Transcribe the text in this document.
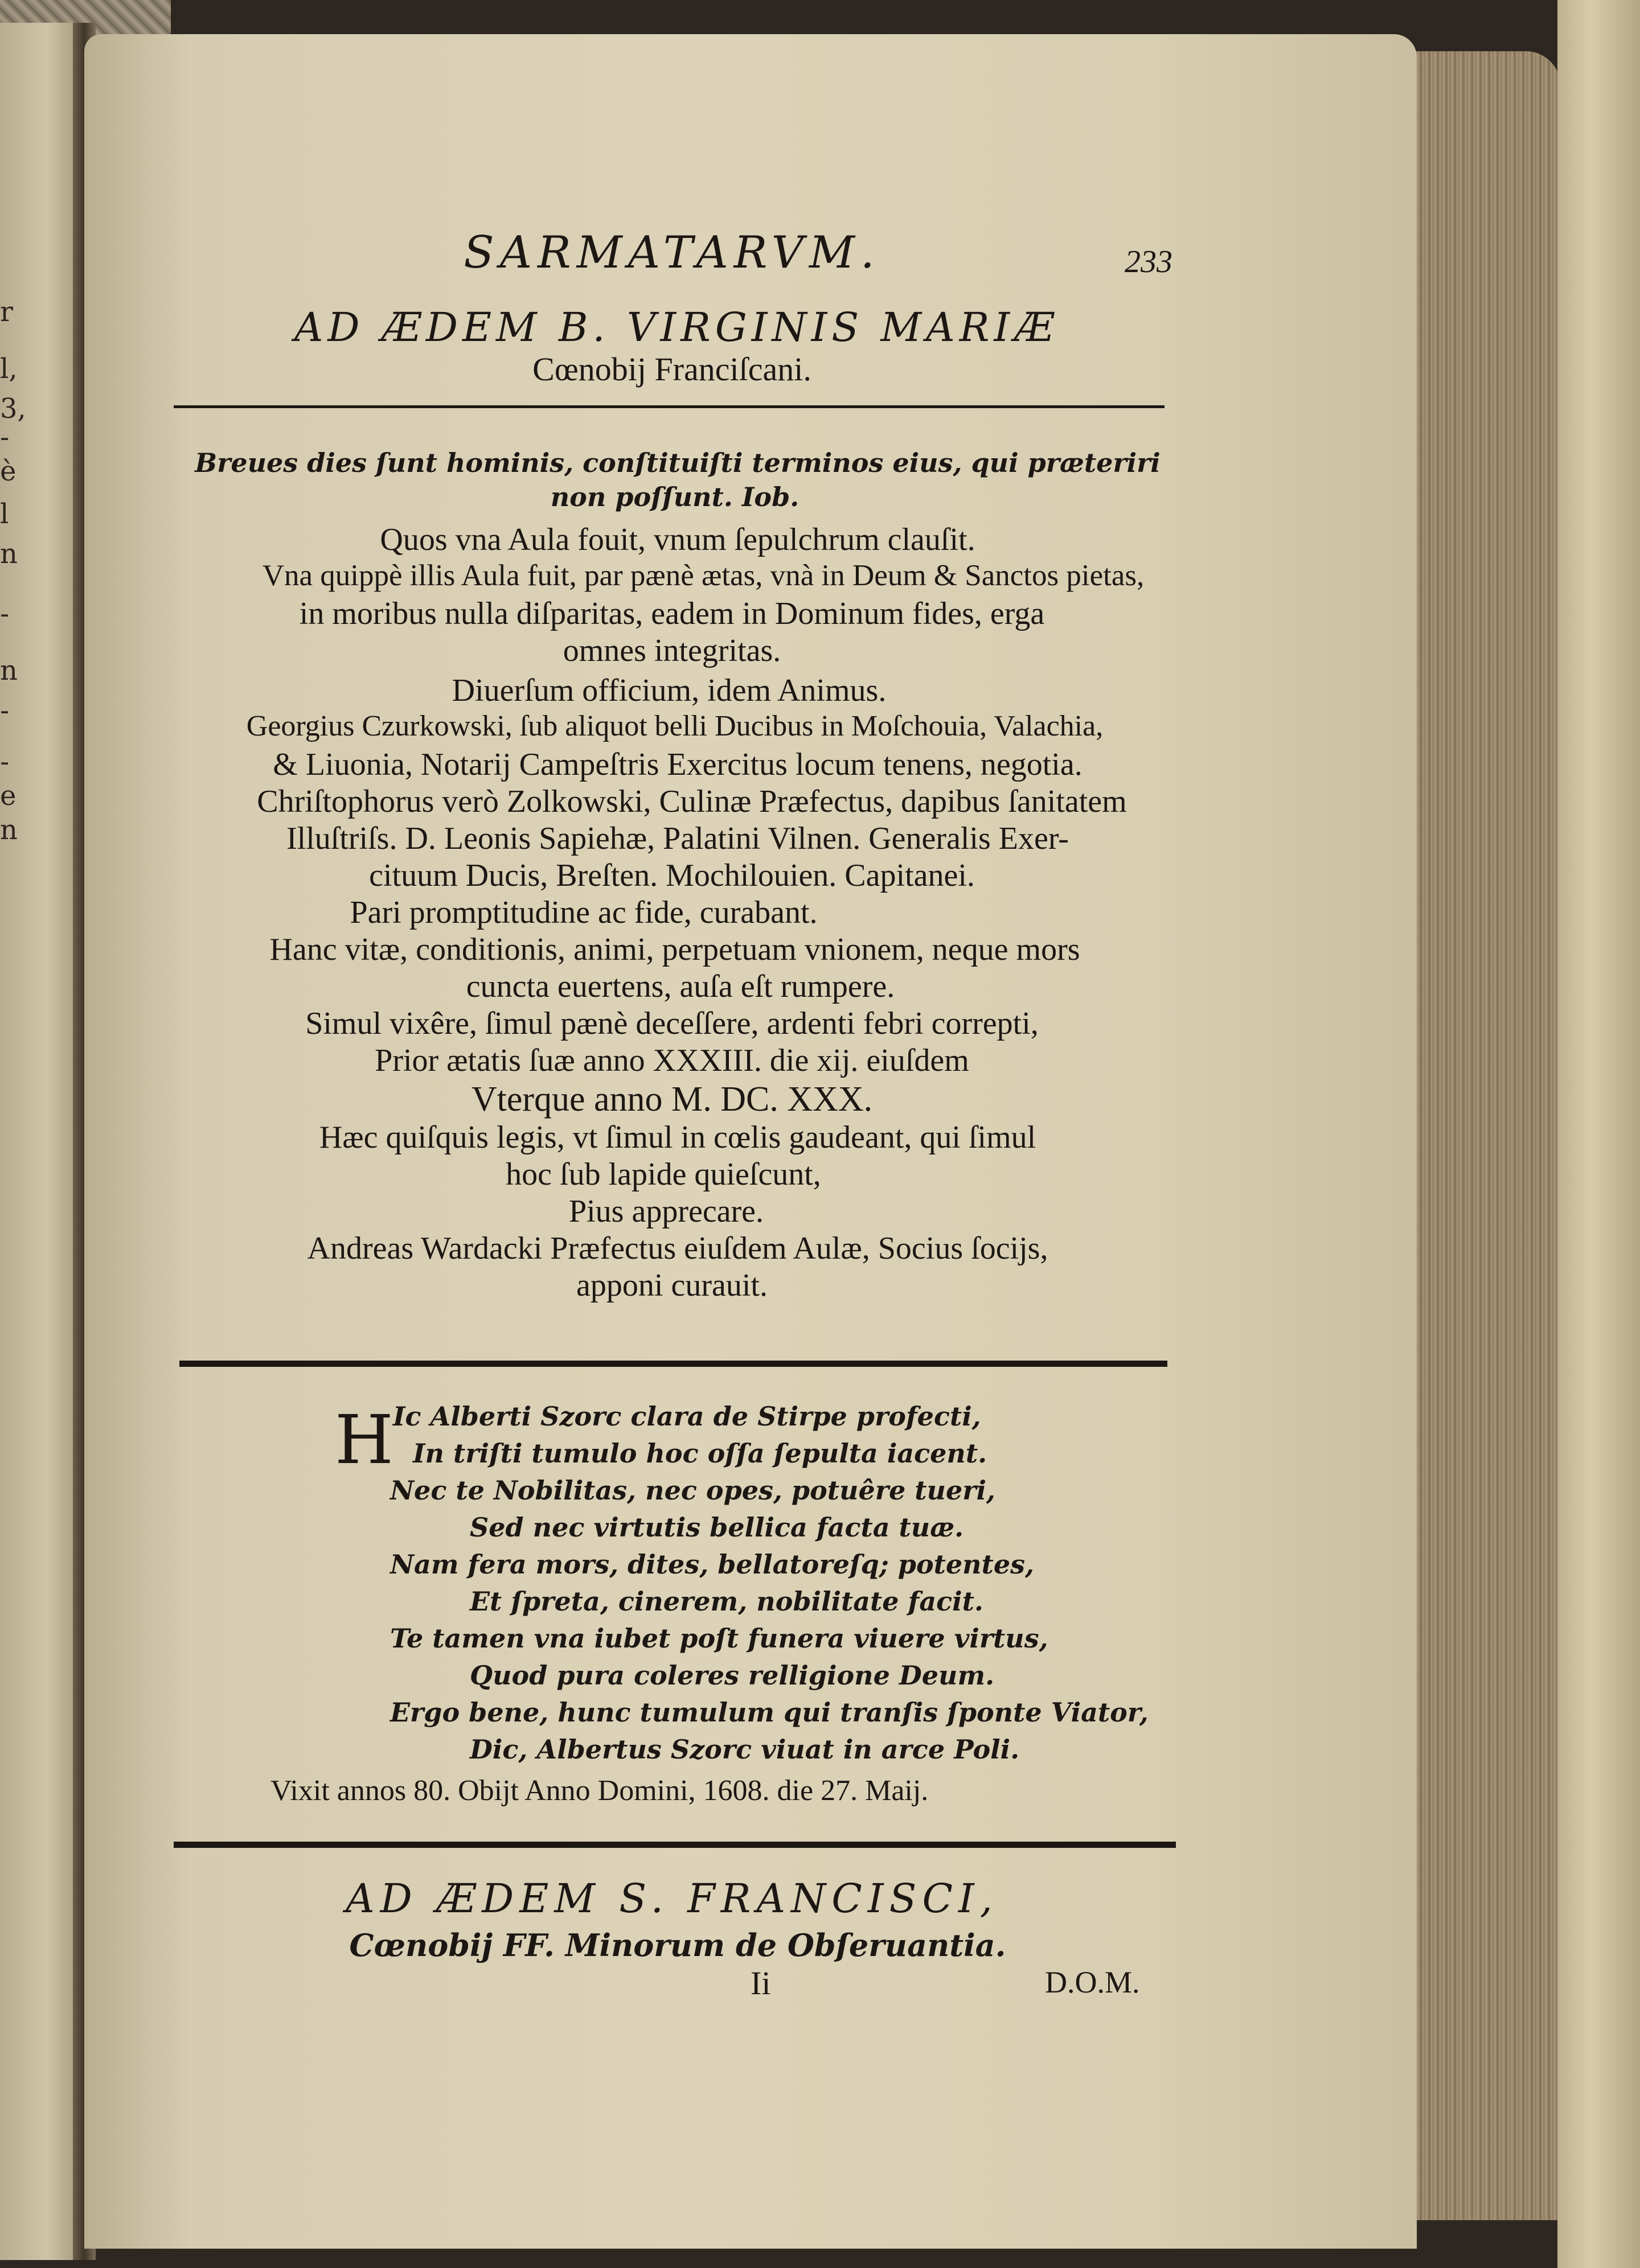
r
l,
3,
-
è
l
n
-
n
-
-
e
n
SARMATARVM.	233
AD ÆDEM B. VIRGINIS MARIÆ
Cœnobij Franciſcani.
Breues dies ſunt hominis, conſtituiſti terminos eius, qui præteriri
non poſſunt. Iob.
Quos vna Aula fouit, vnum ſepulchrum clauſit.
Vna quippè illis Aula fuit, par pænè ætas, vnà in Deum & Sanctos pietas,
in moribus nulla diſparitas, eadem in Dominum fides, erga
omnes integritas.
Diuerſum officium, idem Animus.
Georgius Czurkowski, ſub aliquot belli Ducibus in Moſchouia, Valachia,
& Liuonia, Notarij Campeſtris Exercitus locum tenens, negotia.
Chriſtophorus verò Zolkowski, Culinæ Præfectus, dapibus ſanitatem
Illuſtriſs. D. Leonis Sapiehæ, Palatini Vilnen. Generalis Exer-
cituum Ducis, Breſten. Mochilouien. Capitanei.
Pari promptitudine ac fide, curabant.
Hanc vitæ, conditionis, animi, perpetuam vnionem, neque mors
cuncta euertens, auſa eſt rumpere.
Simul vixêre, ſimul pænè deceſſere, ardenti febri correpti,
Prior ætatis ſuæ anno XXXIII. die xij. eiuſdem
Vterque anno M. DC. XXX.
Hæc quiſquis legis, vt ſimul in cœlis gaudeant, qui ſimul
hoc ſub lapide quieſcunt,
Pius apprecare.
Andreas Wardacki Præfectus eiuſdem Aulæ, Socius ſocijs,
apponi curauit.
H Ic Alberti Szorc clara de Stirpe profecti,
In triſti tumulo hoc oſſa ſepulta iacent.
Nec te Nobilitas, nec opes, potuêre tueri,
Sed nec virtutis bellica facta tuæ.
Nam fera mors, dites, bellatoreſq; potentes,
Et ſpreta, cinerem, nobilitate facit.
Te tamen vna iubet poſt funera viuere virtus,
Quod pura coleres relligione Deum.
Ergo bene, hunc tumulum qui tranſis ſponte Viator,
Dic, Albertus Szorc viuat in arce Poli.
Vixit annos 80. Obijt Anno Domini, 1608. die 27. Maij.
AD ÆDEM S. FRANCISCI,
Cœnobij FF. Minorum de Obſeruantia.
Ii	D.O.M.
